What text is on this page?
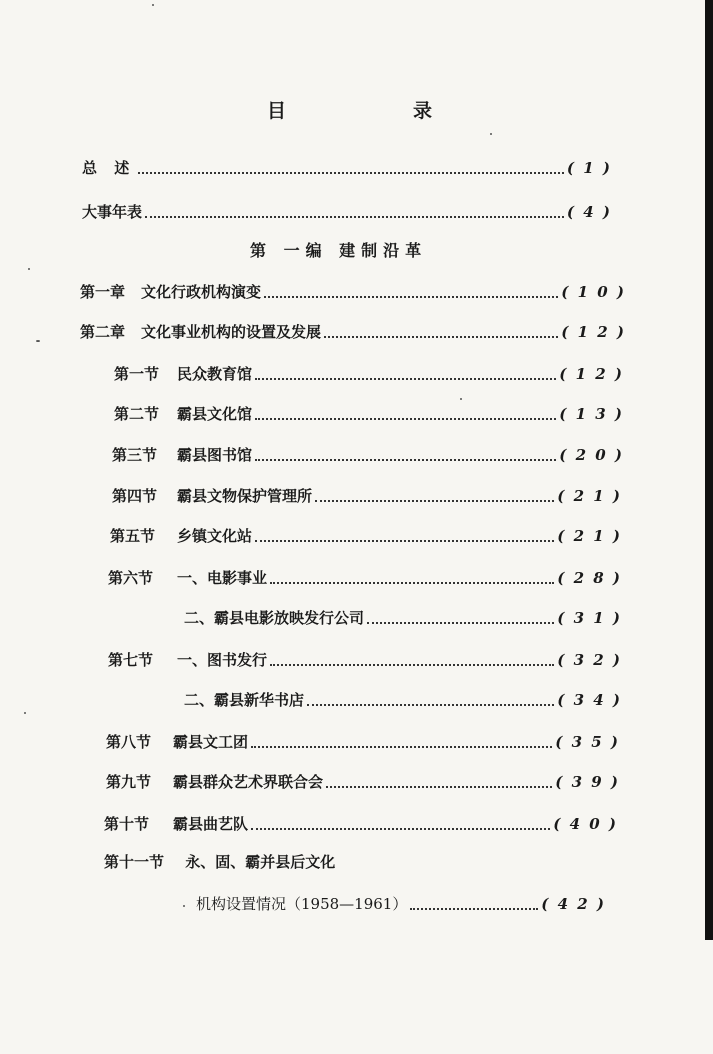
目	录
总 述	( 1 )
大事年表	( 4 )
第 一编 建制沿革
第一章 文化行政机构演变	( 1 0 )
第二章 文化事业机构的设置及发展	( 1 2 )
第一节 民众教育馆	( 1 2 )
第二节 霸县文化馆	( 1 3 )
第三节 霸县图书馆	( 2 0 )
第四节 霸县文物保护管理所	( 2 1 )
第五节 乡镇文化站	( 2 1 )
第六节 一、电影事业	( 2 8 )
二、霸县电影放映发行公司	( 3 1 )
第七节 一、图书发行	( 3 2 )
二、霸县新华书店	( 3 4 )
第八节 霸县文工团	( 3 5 )
第九节 霸县群众艺术界联合会	( 3 9 )
第十节 霸县曲艺队	( 4 0 )
第十一节 永、固、霸并县后文化
机构设置情况（1958—1961）	( 4 2 )
